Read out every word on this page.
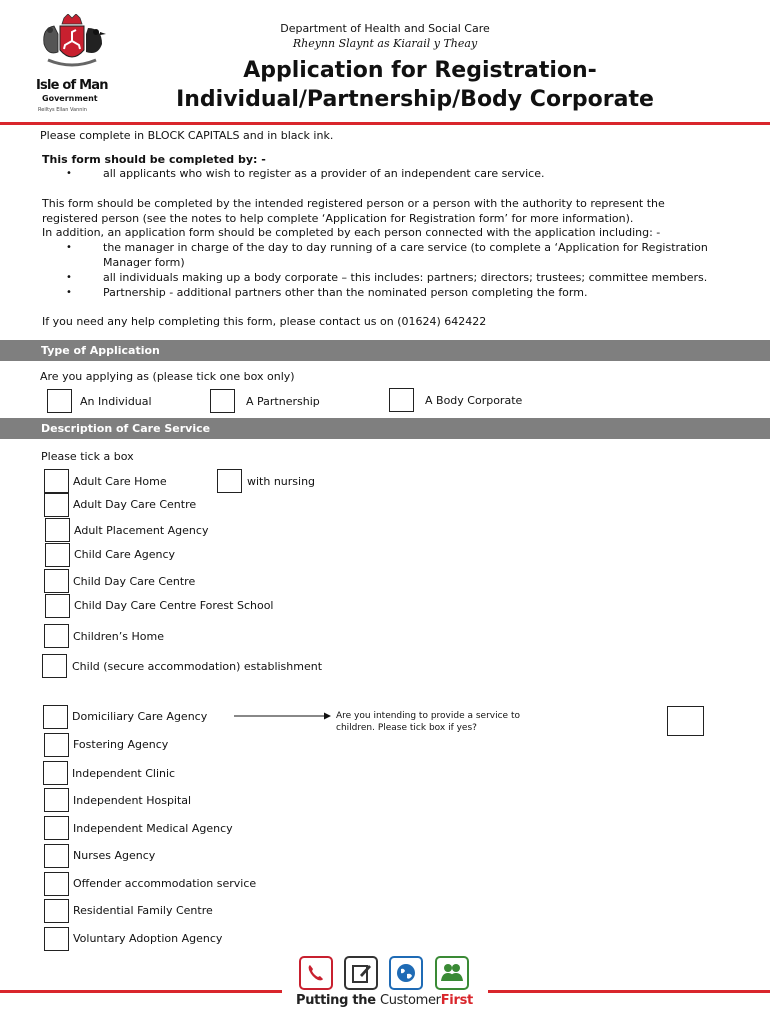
Isle of Man
Government
Reiltys Ellan Vannin
Department of Health and Social Care
Rheynn Slaynt as Kiarail y Theay
Application for Registration-
Individual/Partnership/Body Corporate
Please complete in BLOCK CAPITALS and in black ink.
This form should be completed by: -
•	all applicants who wish to register as a provider of an independent care service.
This form should be completed by the intended registered person or a person with the authority to represent the
registered person (see the notes to help complete ‘Application for Registration form’ for more information).
In addition, an application form should be completed by each person connected with the application including: -
•	the manager in charge of the day to day running of a care service (to complete a ‘Application for Registration
Manager form)
•	all individuals making up a body corporate – this includes: partners; directors; trustees; committee members.
•	Partnership - additional partners other than the nominated person completing the form.
If you need any help completing this form, please contact us on (01624) 642422
Type of Application
Are you applying as (please tick one box only)
An Individual	A Partnership	A Body Corporate
Description of Care Service
Please tick a box
Adult Care Home	with nursing
Adult Day Care Centre
Adult Placement Agency
Child Care Agency
Child Day Care Centre
Child Day Care Centre Forest School
Children’s Home
Child (secure accommodation) establishment
Domiciliary Care Agency	Are you intending to provide a service to
children. Please tick box if yes?
Fostering Agency
Independent Clinic
Independent Hospital
Independent Medical Agency
Nurses Agency
Offender accommodation service
Residential Family Centre
Voluntary Adoption Agency
Putting the CustomerFirst
